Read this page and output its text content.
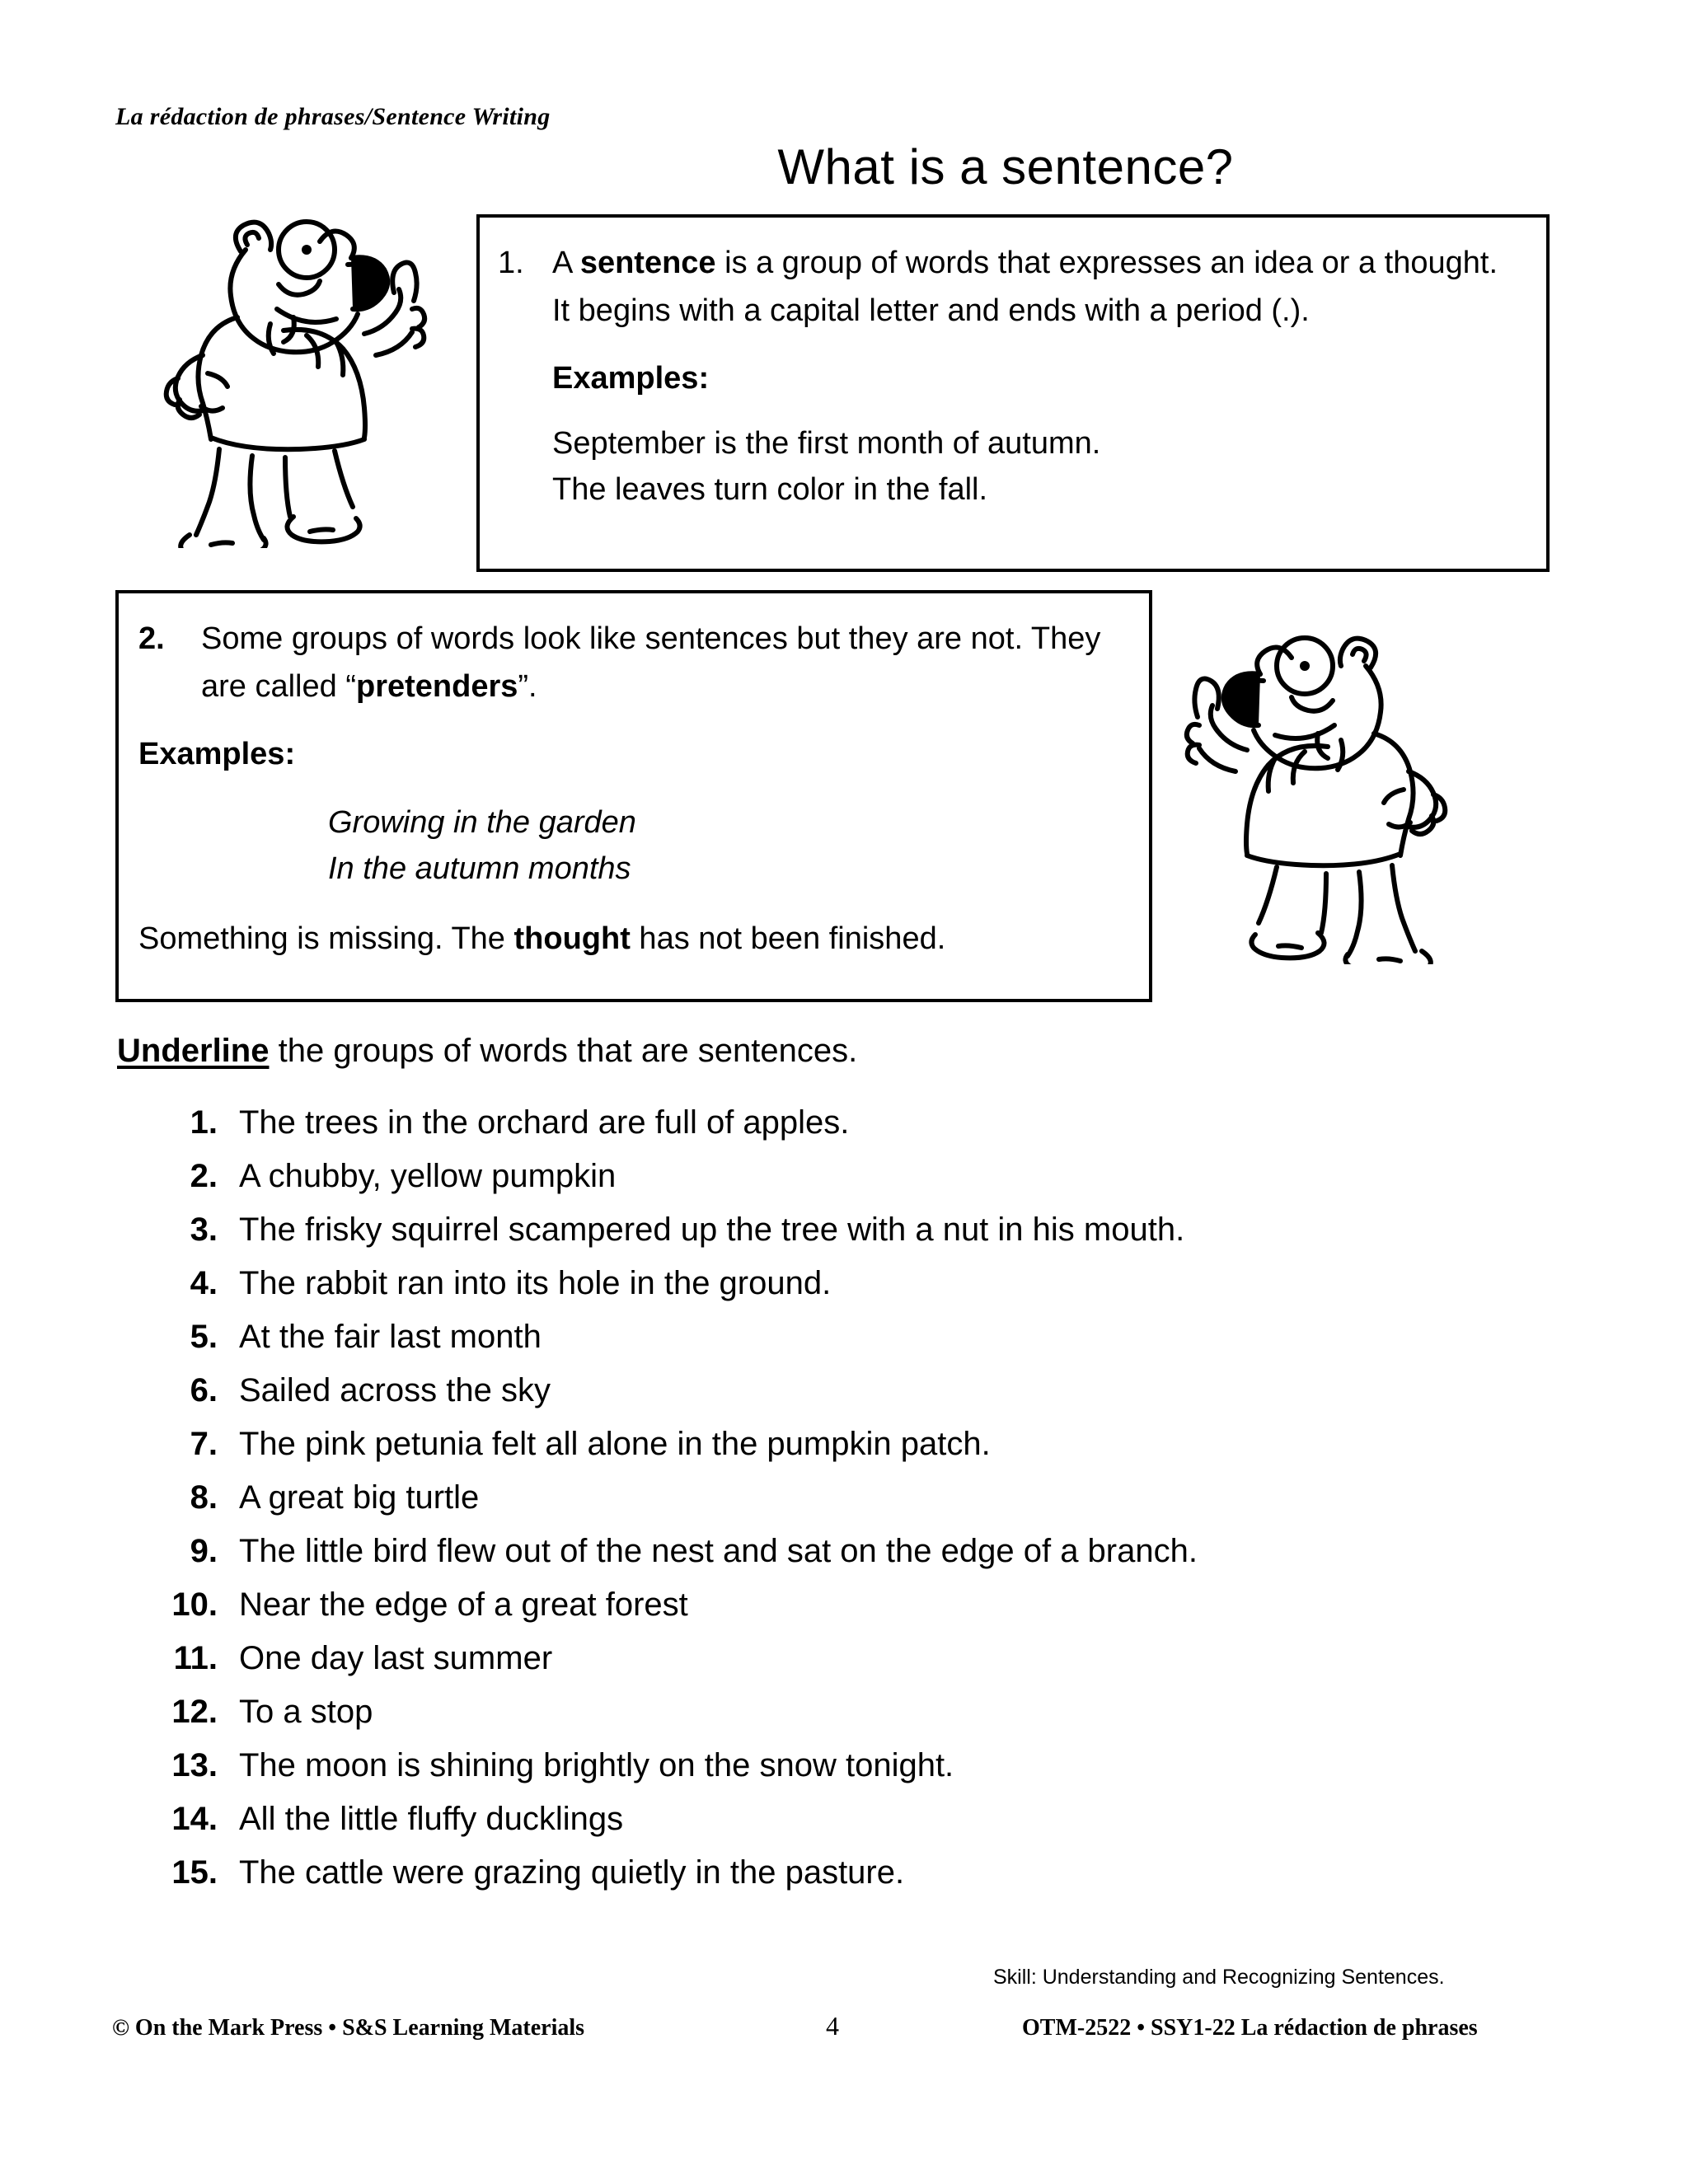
La rédaction de phrases/Sentence Writing
What is a sentence?
1. A sentence is a group of words that expresses an idea or a thought. It begins with a capital letter and ends with a period (.).
Examples:
September is the first month of autumn.
The leaves turn color in the fall.
2.	Some groups of words look like sentences but they are not. They are called “pretenders”.
Examples:
Growing in the garden
In the autumn months
Something is missing. The thought has not been finished.
Underline the groups of words that are sentences.
1. The trees in the orchard are full of apples.
2. A chubby, yellow pumpkin
3. The frisky squirrel scampered up the tree with a nut in his mouth.
4. The rabbit ran into its hole in the ground.
5. At the fair last month
6. Sailed across the sky
7. The pink petunia felt all alone in the pumpkin patch.
8. A great big turtle
9. The little bird flew out of the nest and sat on the edge of a branch.
10. Near the edge of a great forest
11. One day last summer
12. To a stop
13. The moon is shining brightly on the snow tonight.
14. All the little fluffy ducklings
15. The cattle were grazing quietly in the pasture.
Skill: Understanding and Recognizing Sentences.
© On the Mark Press • S&S Learning Materials	4	OTM-2522 • SSY1-22 La rédaction de phrases
